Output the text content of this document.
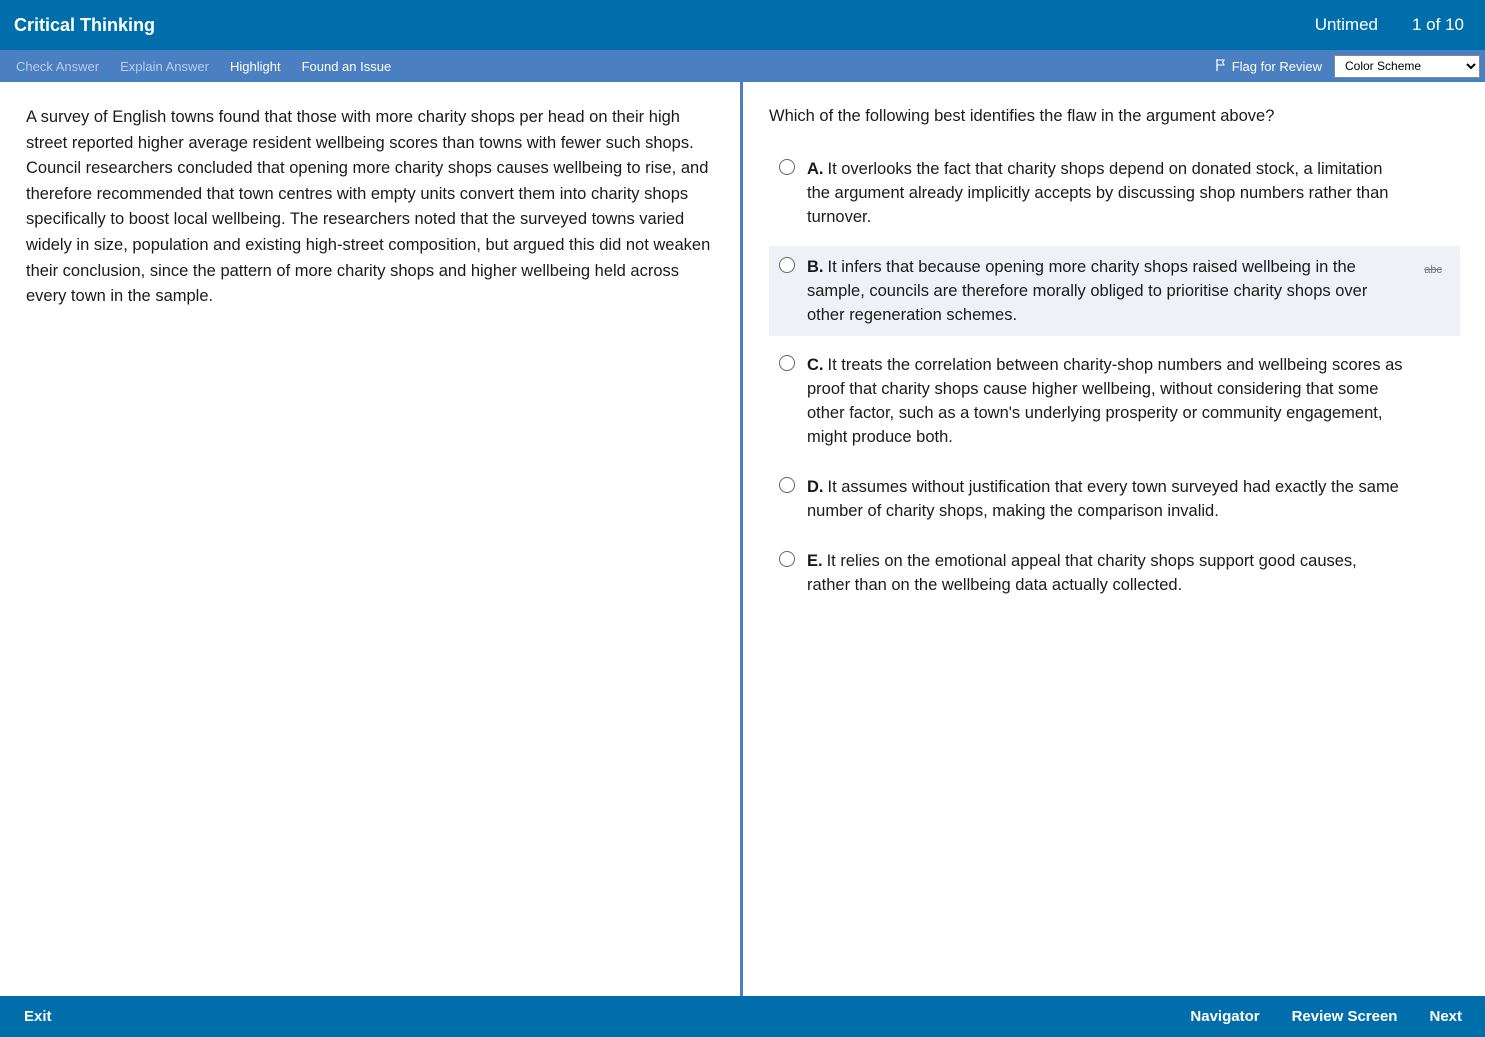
Critical Thinking	Untimed 1 of 10
Check Answer Explain Answer Highlight Found an Issue	Flag for Review
Color Scheme

A survey of English towns found that those with more charity shops per head on their high street reported higher average resident wellbeing scores than towns with fewer such shops. Council researchers concluded that opening more charity shops causes wellbeing to rise, and therefore recommended that town centres with empty units convert them into charity shops specifically to boost local wellbeing. The researchers noted that the surveyed towns varied widely in size, population and existing high-street composition, but argued this did not weaken their conclusion, since the pattern of more charity shops and higher wellbeing held across every town in the sample.

Which of the following best identifies the flaw in the argument above?

A. It overlooks the fact that charity shops depend on donated stock, a limitation the argument already implicitly accepts by discussing shop numbers rather than turnover.
B. It infers that because opening more charity shops raised wellbeing in the sample, councils are therefore morally obliged to prioritise charity shops over other regeneration schemes.
abc
C. It treats the correlation between charity-shop numbers and wellbeing scores as proof that charity shops cause higher wellbeing, without considering that some other factor, such as a town's underlying prosperity or community engagement, might produce both.
D. It assumes without justification that every town surveyed had exactly the same number of charity shops, making the comparison invalid.
E. It relies on the emotional appeal that charity shops support good causes, rather than on the wellbeing data actually collected.
Exit	Navigator Review Screen Next
